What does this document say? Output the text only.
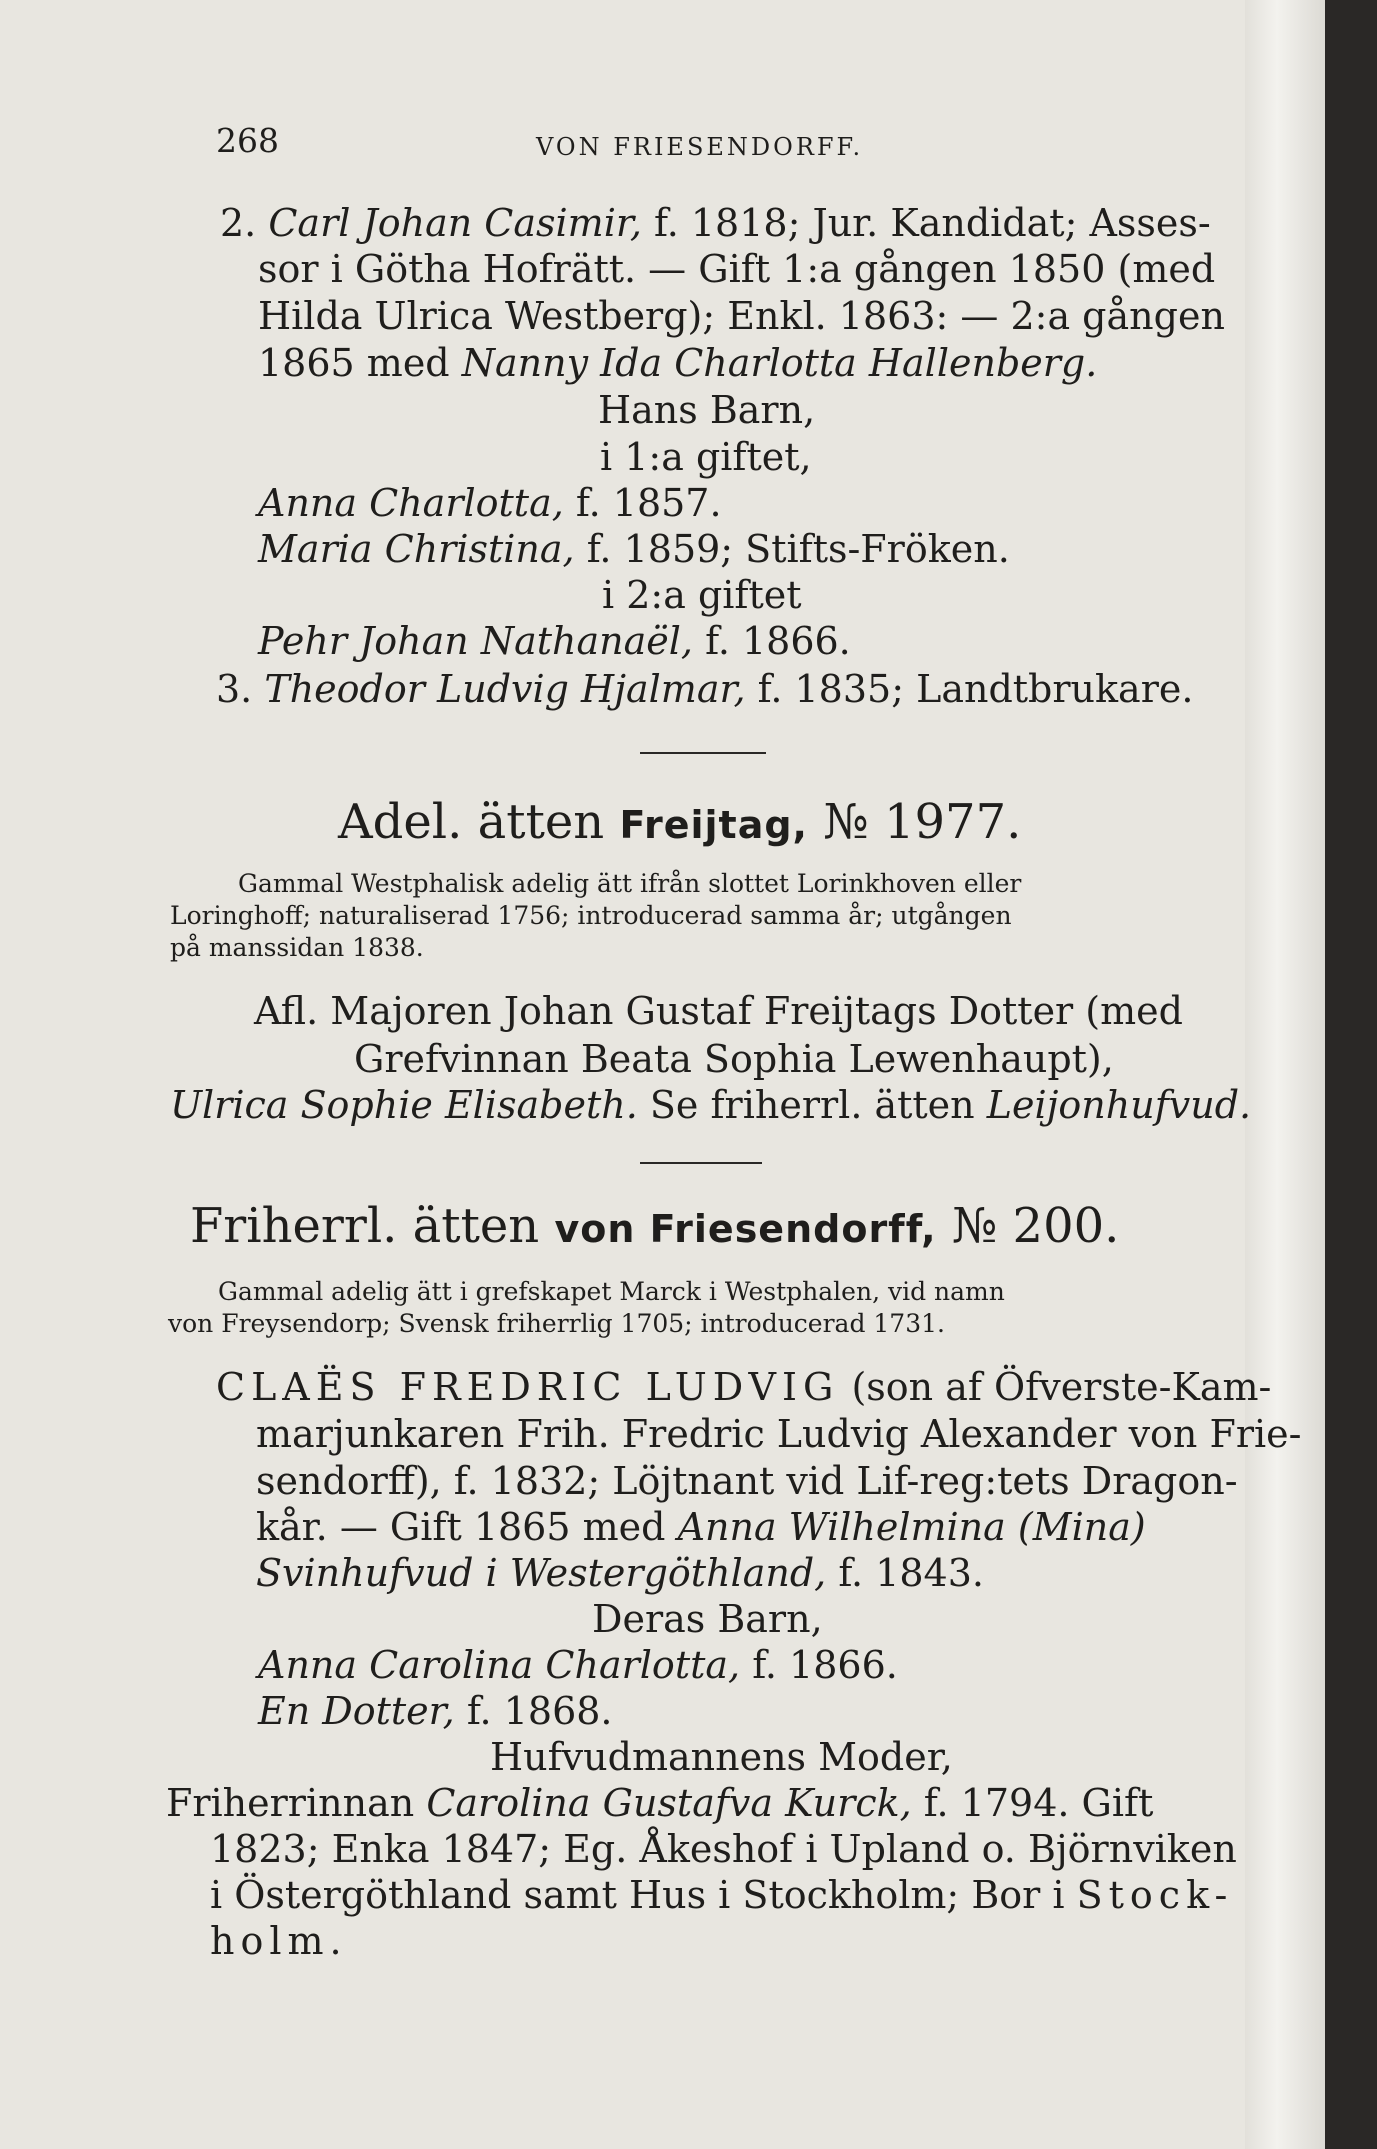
268	VON FRIESENDORFF.
2. Carl Johan Casimir, f. 1818; Jur. Kandidat; Asses-
sor i Götha Hofrätt. — Gift 1:a gången 1850 (med
Hilda Ulrica Westberg); Enkl. 1863: — 2:a gången
1865 med Nanny Ida Charlotta Hallenberg.
Hans Barn,
i 1:a giftet,
Anna Charlotta, f. 1857.
Maria Christina, f. 1859; Stifts-Fröken.
i 2:a giftet
Pehr Johan Nathanaël, f. 1866.
3. Theodor Ludvig Hjalmar, f. 1835; Landtbrukare.
Adel. ätten Freijtag, № 1977.
Gammal Westphalisk adelig ätt ifrån slottet Lorinkhoven eller
Loringhoff; naturaliserad 1756; introducerad samma år; utgången
på manssidan 1838.
Afl. Majoren Johan Gustaf Freijtags Dotter (med
Grefvinnan Beata Sophia Lewenhaupt),
Ulrica Sophie Elisabeth. Se friherrl. ätten Leijonhufvud.
Friherrl. ätten von Friesendorff, № 200.
Gammal adelig ätt i grefskapet Marck i Westphalen, vid namn
von Freysendorp; Svensk friherrlig 1705; introducerad 1731.
CLAËS FREDRIC LUDVIG (son af Öfverste-Kam-
marjunkaren Frih. Fredric Ludvig Alexander von Frie-
sendorff), f. 1832; Löjtnant vid Lif-reg:tets Dragon-
kår. — Gift 1865 med Anna Wilhelmina (Mina)
Svinhufvud i Westergöthland, f. 1843.
Deras Barn,
Anna Carolina Charlotta, f. 1866.
En Dotter, f. 1868.
Hufvudmannens Moder,
Friherrinnan Carolina Gustafva Kurck, f. 1794. Gift
1823; Enka 1847; Eg. Åkeshof i Upland o. Björnviken
i Östergöthland samt Hus i Stockholm; Bor i Stock-
holm.
